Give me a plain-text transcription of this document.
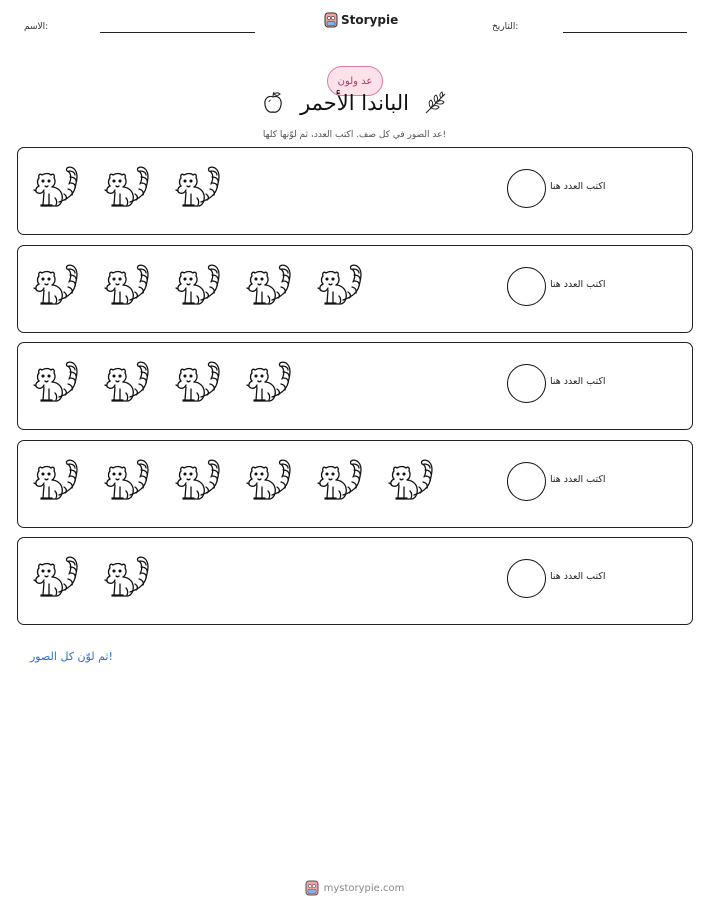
الاسم:	Storypie	التاريخ:
عد ولون
الباندا الأحمر
عد الصور في كل صف. اكتب العدد، ثم لوّنها كلها!
اكتب العدد هنا
اكتب العدد هنا
اكتب العدد هنا
اكتب العدد هنا
اكتب العدد هنا
ثم لوّن كل الصور!
mystorypie.com
